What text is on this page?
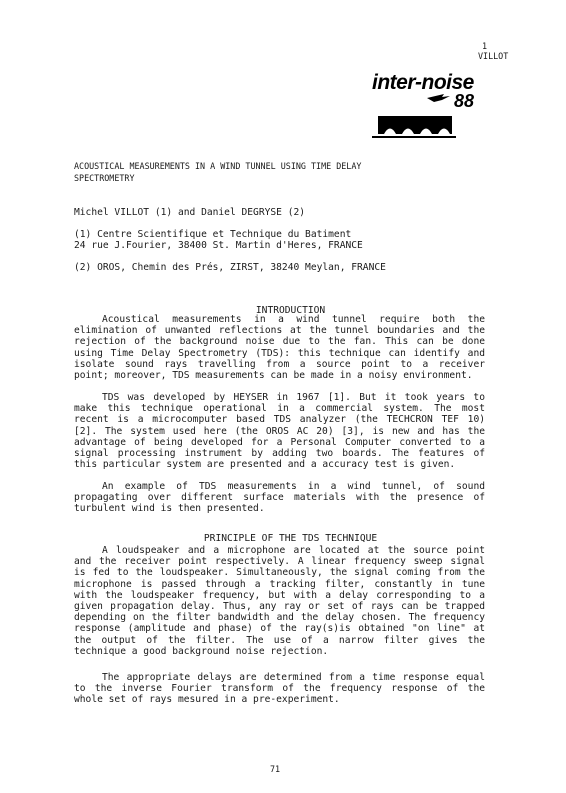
1
VILLOT
inter-noise
88
ACOUSTICAL MEASUREMENTS IN A WIND TUNNEL USING TIME DELAY
SPECTROMETRY
Michel VILLOT (1) and Daniel DEGRYSE (2)
(1) Centre Scientifique et Technique du Batiment
24 rue J.Fourier, 38400 St. Martin d'Heres, FRANCE
(2) OROS, Chemin des Prés, ZIRST, 38240 Meylan, FRANCE

INTRODUCTION

Acoustical measurements in a wind tunnel require both the
elimination of unwanted reflections at the tunnel boundaries and the
rejection of the background noise due to the fan. This can be done
using Time Delay Spectrometry (TDS): this technique can identify and
isolate sound rays travelling from a source point to a receiver
point; moreover, TDS measurements can be made in a noisy environment.
TDS was developed by HEYSER in 1967 [1]. But it took years to
make this technique operational in a commercial system. The most
recent is a microcomputer based TDS analyzer (the TECHCRON TEF 10)
[2]. The system used here (the OROS AC 20) [3], is new and has the
advantage of being developed for a Personal Computer converted to a
signal processing instrument by adding two boards. The features of
this particular system are presented and a accuracy test is given.
An example of TDS measurements in a wind tunnel, of sound
propagating over different surface materials with the presence of
turbulent wind is then presented.

PRINCIPLE OF THE TDS TECHNIQUE

A loudspeaker and a microphone are located at the source point
and the receiver point respectively. A linear frequency sweep signal
is fed to the loudspeaker. Simultaneously, the signal coming from the
microphone is passed through a tracking filter, constantly in tune
with the loudspeaker frequency, but with a delay corresponding to a
given propagation delay. Thus, any ray or set of rays can be trapped
depending on the filter bandwidth and the delay chosen. The frequency
response (amplitude and phase) of the ray(s)is obtained "on line" at
the output of the filter. The use of a narrow filter gives the
technique a good background noise rejection.
The appropriate delays are determined from a time response equal
to the inverse Fourier transform of the frequency response of the
whole set of rays mesured in a pre-experiment.
71
